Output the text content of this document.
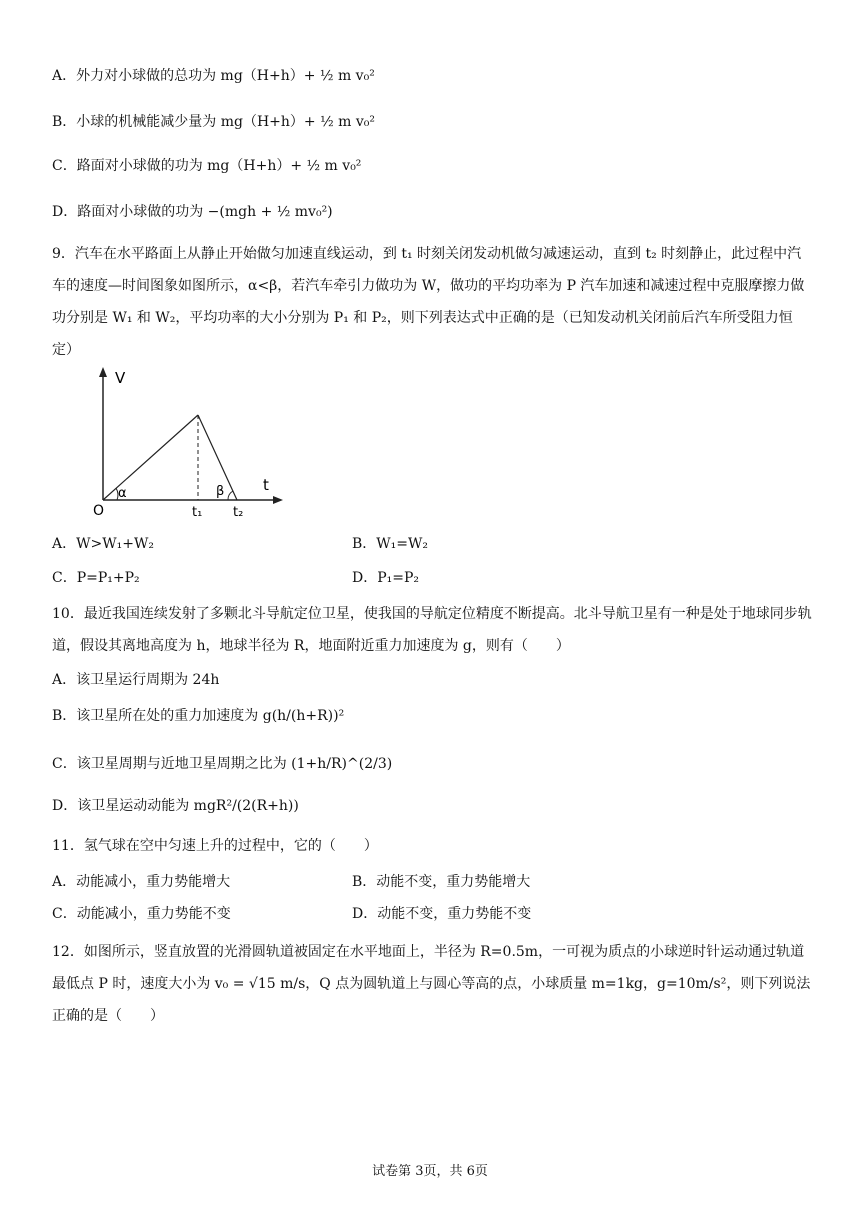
A．外力对小球做的总功为 mg（H+h）+ ½ m v₀²
B．小球的机械能减少量为 mg（H+h）+ ½ m v₀²
C．路面对小球做的功为 mg（H+h）+ ½ m v₀²
D．路面对小球做的功为 −(mgh + ½ mv₀²)
9．汽车在水平路面上从静止开始做匀加速直线运动，到 t₁ 时刻关闭发动机做匀减速运动，直到 t₂ 时刻静止，此过程中汽车的速度—时间图象如图所示，α<β，若汽车牵引力做功为 W，做功的平均功率为 P 汽车加速和减速过程中克服摩擦力做功分别是 W₁ 和 W₂，平均功率的大小分别为 P₁ 和 P₂，则下列表达式中正确的是（已知发动机关闭前后汽车所受阻力恒定）
V
t
O	t₁ t₂
α	β
A．W>W₁+W₂	B．W₁=W₂
C．P=P₁+P₂	D．P₁=P₂
10．最近我国连续发射了多颗北斗导航定位卫星，使我国的导航定位精度不断提高。北斗导航卫星有一种是处于地球同步轨道，假设其离地高度为 h，地球半径为 R，地面附近重力加速度为 g，则有（　　）
A．该卫星运行周期为 24h
B．该卫星所在处的重力加速度为 g(h/(h+R))²
C．该卫星周期与近地卫星周期之比为 (1+h/R)^(2/3)
D．该卫星运动动能为 mgR²/(2(R+h))
11．氢气球在空中匀速上升的过程中，它的（　　）
A．动能减小，重力势能增大	B．动能不变，重力势能增大
C．动能减小，重力势能不变	D．动能不变，重力势能不变
12．如图所示，竖直放置的光滑圆轨道被固定在水平地面上，半径为 R=0.5m，一可视为质点的小球逆时针运动通过轨道最低点 P 时，速度大小为 v₀ = √15 m/s，Q 点为圆轨道上与圆心等高的点，小球质量 m=1kg，g=10m/s²，则下列说法正确的是（　　）
试卷第 3页，共 6页
